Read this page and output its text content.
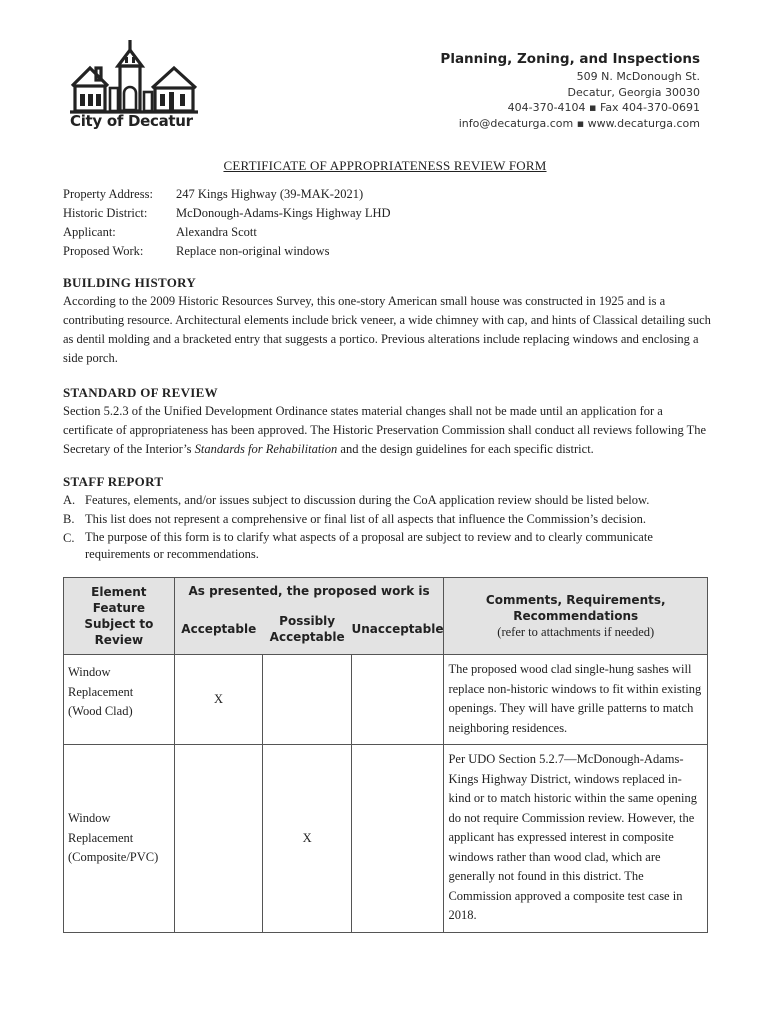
City of Decatur
Planning, Zoning, and Inspections
509 N. McDonough St.
Decatur, Georgia 30030
404-370-4104 ▪ Fax 404-370-0691
info@decaturga.com ▪ www.decaturga.com
CERTIFICATE OF APPROPRIATENESS REVIEW FORM
Property Address:	247 Kings Highway (39-MAK-2021)
Historic District:	McDonough-Adams-Kings Highway LHD
Applicant:	Alexandra Scott
Proposed Work:	Replace non-original windows
BUILDING HISTORY

According to the 2009 Historic Resources Survey, this one-story American small house was constructed in 1925 and is a contributing resource. Architectural elements include brick veneer, a wide chimney with cap, and hints of Classical detailing such as dentil molding and a bracketed entry that suggests a portico. Previous alterations include replacing windows and enclosing a side porch.

STANDARD OF REVIEW

Section 5.2.3 of the Unified Development Ordinance states material changes shall not be made until an application for a certificate of appropriateness has been approved. The Historic Preservation Commission shall conduct all reviews following The Secretary of the Interior’s Standards for Rehabilitation and the design guidelines for each specific district.

STAFF REPORT
A. Features, elements, and/or issues subject to discussion during the CoA application review should be listed below.
B. This list does not represent a comprehensive or final list of all aspects that influence the Commission’s decision.
C. The purpose of this form is to clarify what aspects of a proposal are subject to review and to clearly communicate requirements or recommendations.
Element Feature Subject to Review	As presented, the proposed work is			Comments, Requirements, Recommendations
(refer to attachments if needed)

	Acceptable	Possibly Acceptable	Unacceptable	
Window Replacement (Wood Clad)	X			The proposed wood clad single-hung sashes will replace non-historic windows to fit within existing openings. They will have grille patterns to match neighboring residences.
Window Replacement (Composite/PVC)		X		Per UDO Section 5.2.7—McDonough-Adams-Kings Highway District, windows replaced in-kind or to match historic within the same opening do not require Commission review. However, the applicant has expressed interest in composite windows rather than wood clad, which are generally not found in this district. The Commission approved a composite test case in 2018.
